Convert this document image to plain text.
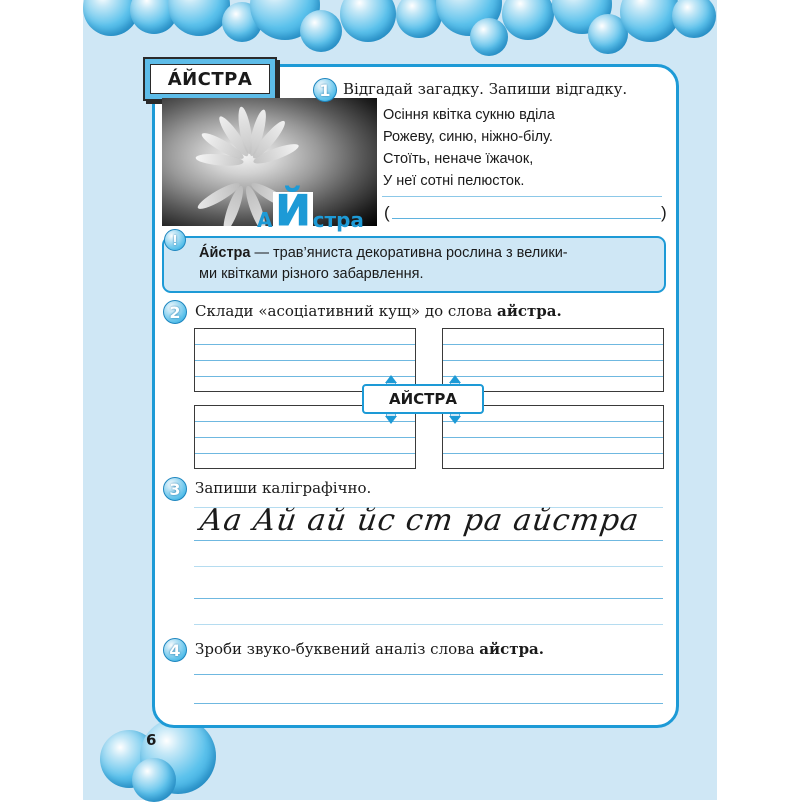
ÁЙСТРА
А Й стра
1 Відгадай загадку. Запиши відгадку.
Осіння квітка сукню вділа
Рожеву, синю, ніжно-білу.
Стоїть, неначе їжачок,
У неї сотні пелюсток.
(	)
!
Áйстра — трав’яниста декоративна рослина з велики-
ми квітками різного забарвлення.
2 Склади «асоціативний кущ» до слова айстра.
АЙСТРА
3 Запиши каліграфічно.
Аа Ай ай йс ст ра айстра
4 Зроби звуко-буквений аналіз слова айстра.
6
